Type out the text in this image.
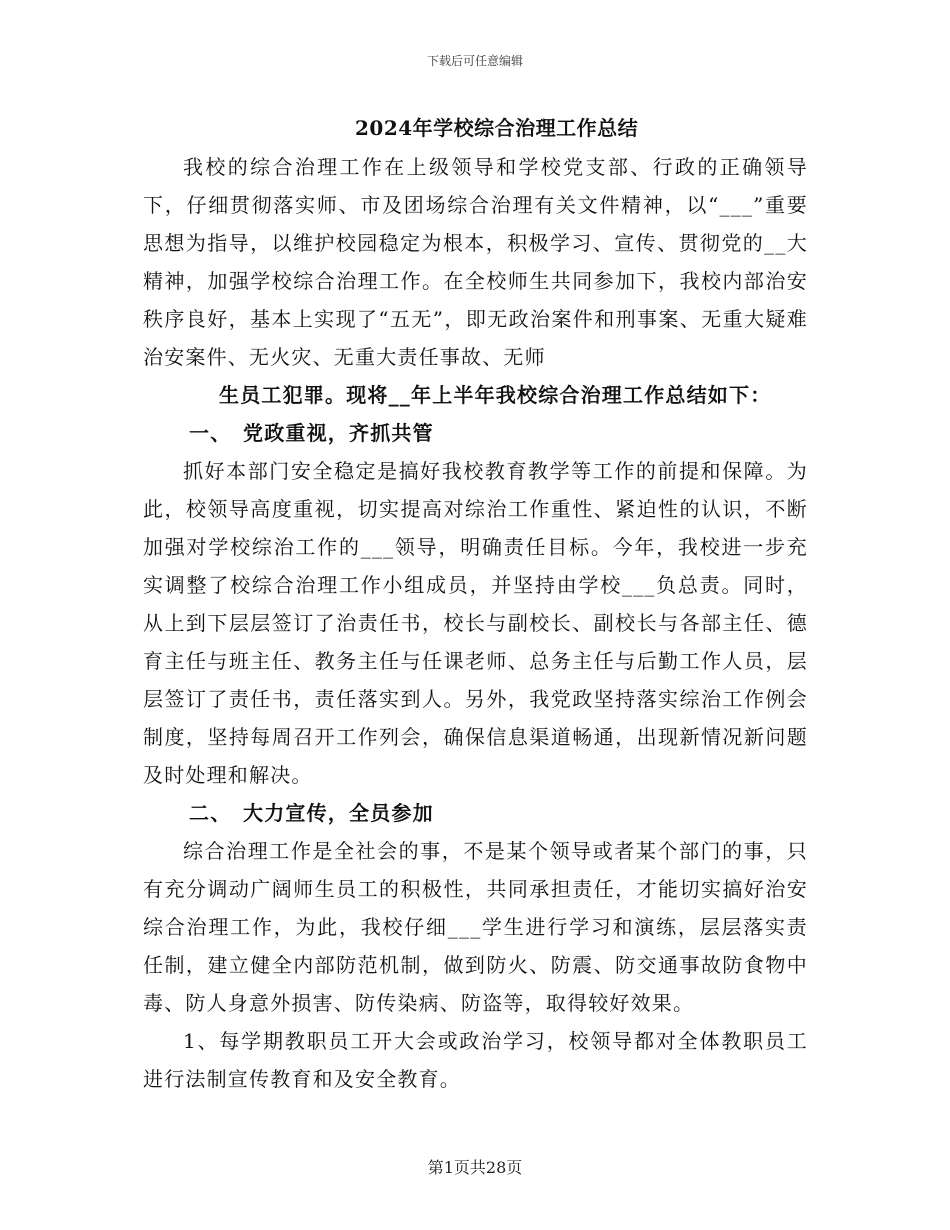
下载后可任意编辑
2024年学校综合治理工作总结

我校的综合治理工作在上级领导和学校党支部、行政的正确领导下，仔细贯彻落实师、市及团场综合治理有关文件精神，以“___”重要思想为指导，以维护校园稳定为根本，积极学习、宣传、贯彻党的__大精神，加强学校综合治理工作。在全校师生共同参加下，我校内部治安秩序良好，基本上实现了“五无”，即无政治案件和刑事案、无重大疑难治安案件、无火灾、无重大责任事故、无师

生员工犯罪。现将__年上半年我校综合治理工作总结如下：

一、 党政重视，齐抓共管

抓好本部门安全稳定是搞好我校教育教学等工作的前提和保障。为此，校领导高度重视，切实提高对综治工作重性、紧迫性的认识，不断加强对学校综治工作的___领导，明确责任目标。今年，我校进一步充实调整了校综合治理工作小组成员，并坚持由学校___负总责。同时，从上到下层层签订了治责任书，校长与副校长、副校长与各部主任、德育主任与班主任、教务主任与任课老师、总务主任与后勤工作人员，层层签订了责任书，责任落实到人。另外，我党政坚持落实综治工作例会制度，坚持每周召开工作列会，确保信息渠道畅通，出现新情况新问题及时处理和解决。

二、 大力宣传，全员参加

综合治理工作是全社会的事，不是某个领导或者某个部门的事，只有充分调动广阔师生员工的积极性，共同承担责任，才能切实搞好治安综合治理工作，为此，我校仔细___学生进行学习和演练，层层落实责任制，建立健全内部防范机制，做到防火、防震、防交通事故防食物中毒、防人身意外损害、防传染病、防盗等，取得较好效果。

1、每学期教职员工开大会或政治学习，校领导都对全体教职员工进行法制宣传教育和及安全教育。

第1页共28页
